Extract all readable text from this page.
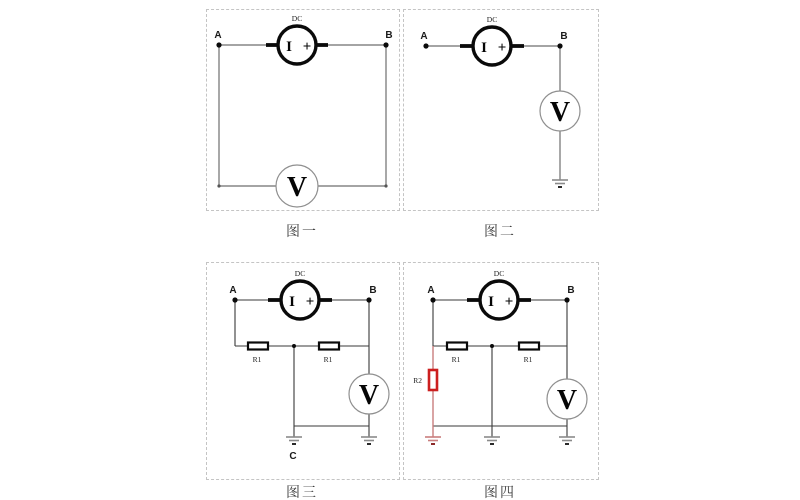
DC
I +
A	B
V
图一
DC
I +
A	B
V
图二
DC
I +
R1	R1
A	B
V
C
图三
R2
DC
I +
R1	R1
A	B
V
图四
